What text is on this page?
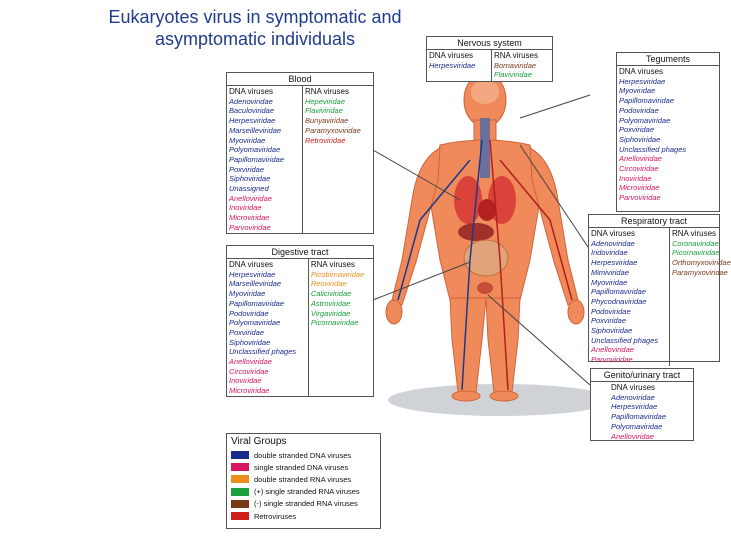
Eukaryotes virus in symptomatic and
asymptomatic individuals	Nervous system
DNA viruses
Herpesviridae
RNA viruses
Bornaviridae
Flaviviridae
Blood
DNA viruses
Adenoviridae
Baculoviridae
Herpesviridae
Marseilleviridae
Myoviridae
Polyomaviridae
Papillomaviridae
Poxviridae
Siphoviridae
Unassigned
Anelloviridae
Inoviridae
Microviridae
Parvoviridae
RNA viruses
Hepeviridae
Flaviviridae
Bunyaviridae
Paramyxoviridae
Retroviridae
Digestive tract
DNA viruses
Herpesviridae
Marseilleviridae
Myoviridae
Papillomaviridae
Podoviridae
Polyomaviridae
Poxviridae
Siphoviridae
Unclassified phages
Anelloviridae
Circoviridae
Inoviridae
Microviridae
RNA viruses
Picobirnaviridae
Reoviridae
Caliciviridae
Astroviridae
Virgaviridae
Picornaviridae
Teguments
DNA viruses
Herpesviridae
Myoviridae
Papillomaviridae
Podoviridae
Polyomaviridae
Poxviridae
Siphoviridae
Unclassified phages
Anelloviridae
Circoviridae
Inoviridae
Microviridae
Parvoviridae
Respiratory tract
DNA viruses
Adenoviridae
Iridoviridae
Herpesviridae
Mimiviridae
Myoviridae
Papillomaviridae
Phycodnaviridae
Podoviridae
Poxviridae
Siphoviridae
Unclassified phages
Anelloviridae
Parvoviridae
RNA viruses
Coronaviridae
Picornaviridae
Orthomyxoviridae
Paramyxoviridae
Genito/urinary tract
DNA viruses
Adenoviridae
Herpesviridae
Papillomaviridae
Polyomaviridae
Anelloviridae
Viral Groups
double stranded DNA viruses
single stranded DNA viruses
double stranded RNA viruses
(+) single stranded RNA viruses
(-) single stranded RNA viruses
Retroviruses
